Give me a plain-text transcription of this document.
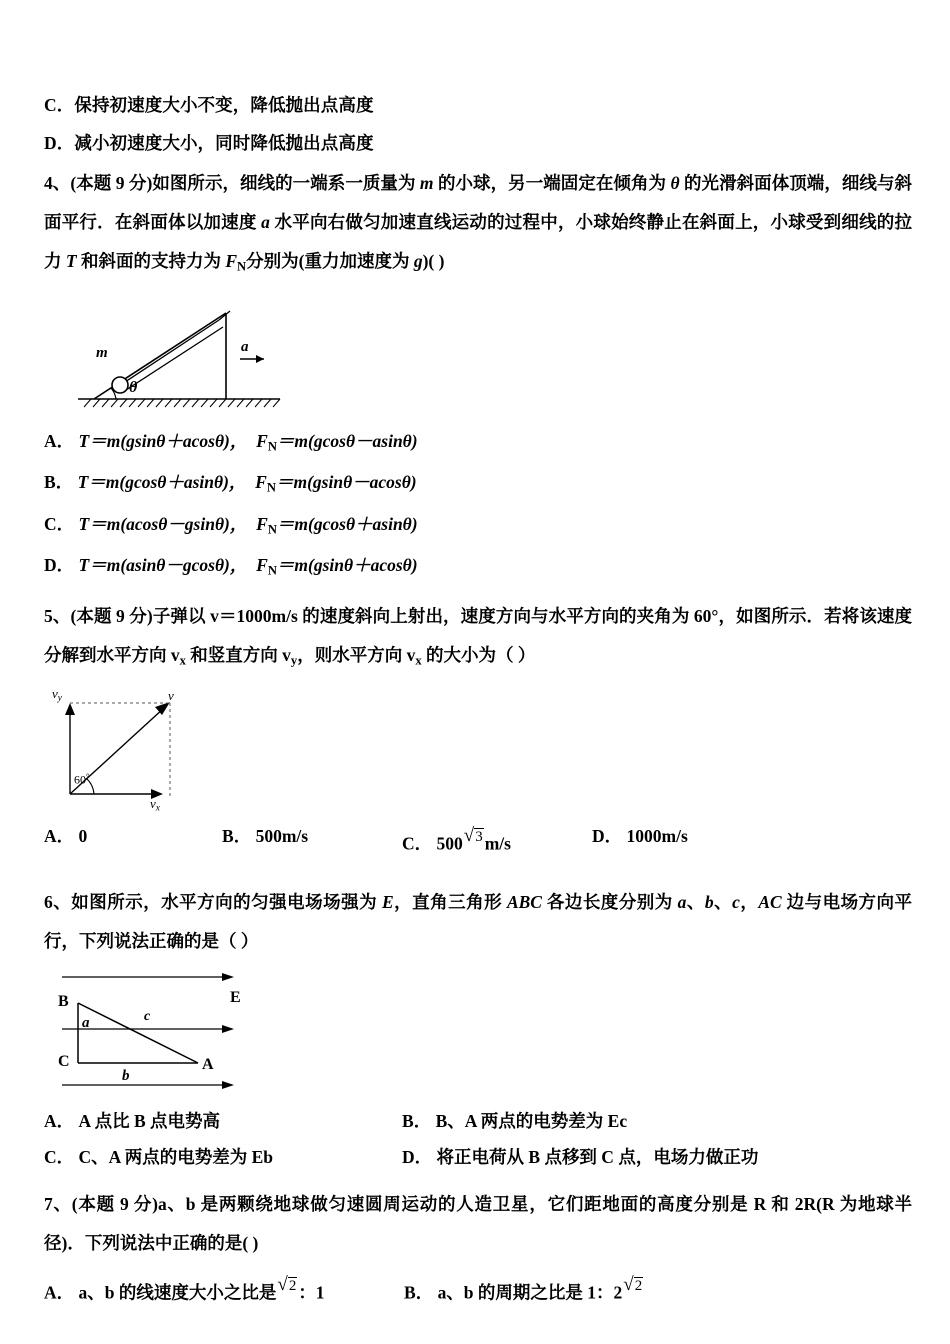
C．保持初速度大小不变，降低抛出点高度
D．减小初速度大小，同时降低抛出点高度
4、(本题 9 分)如图所示，细线的一端系一质量为 m 的小球，另一端固定在倾角为 θ 的光滑斜面体顶端，细线与斜面平行．在斜面体以加速度 a 水平向右做匀加速直线运动的过程中，小球始终静止在斜面上，小球受到细线的拉力 T 和斜面的支持力为 $F_N$分别为(重力加速度为 g)( )
m
θ
a
A． T＝m(gsinθ＋acosθ)， $F_N=m(gcos\theta-asin\theta)$
B． T＝m(gcosθ＋asinθ)， $F_N=m(gsin\theta-acos\theta)$
C． T＝m(acosθ－gsinθ)， $F_N=m(gcos\theta+asin\theta)$
D． T＝m(asinθ－gcosθ)， $F_N=m(gsin\theta+acos\theta)$
5、(本题 9 分)子弹以 v＝1000m/s 的速度斜向上射出，速度方向与水平方向的夹角为 60°，如图所示．若将该速度分解到水平方向 $v_x$ 和竖直方向 $v_y$，则水平方向 $v_x$ 的大小为（ ）
$v_y$	v
$v_x$
60°
A． 0	B． 500m/s	C． 500√3 m/s	D． 1000m/s
6、如图所示，水平方向的匀强电场场强为 E，直角三角形 ABC 各边长度分别为 a、b、c，AC 边与电场方向平行，下列说法正确的是（ ）
B
C	A
E
a
b
c
A． A 点比 B 点电势高	B． B、A 两点的电势差为 Ec
C． C、A 两点的电势差为 Eb	D． 将正电荷从 B 点移到 C 点，电场力做正功
7、(本题 9 分)a、b 是两颗绕地球做匀速圆周运动的人造卫星，它们距地面的高度分别是 R 和 2R(R 为地球半径)．下列说法中正确的是( )
A． a、b 的线速度大小之比是√2 ：1	B． a、b 的周期之比是 1：2√2
